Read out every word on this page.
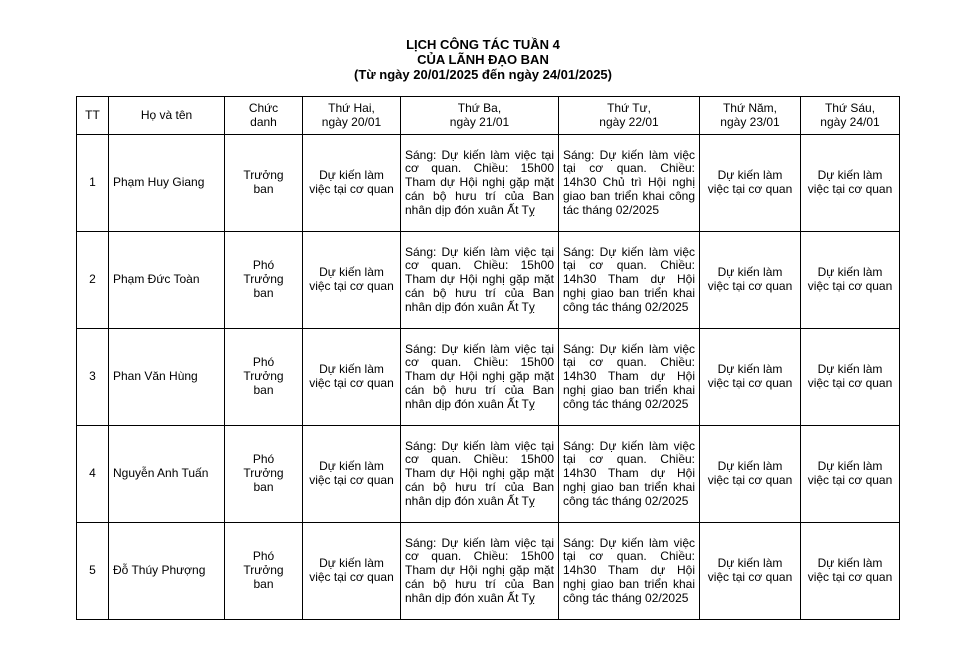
LỊCH CÔNG TÁC TUẦN 4
CỦA LÃNH ĐẠO BAN
(Từ ngày 20/01/2025 đến ngày 24/01/2025)
TT	Họ và tên	Chức
danh	Thứ Hai,
ngày 20/01	Thứ Ba,
ngày 21/01	Thứ Tư,
ngày 22/01	Thứ Năm,
ngày 23/01	Thứ Sáu,
ngày 24/01

1	Phạm Huy Giang	Trưởng
ban	Dự kiến làm
việc tại cơ quan	Sáng: Dự kiến làm việc tại cơ quan. Chiều: 15h00 Tham dự Hội nghị gặp mặt cán bộ hưu trí của Ban nhân dịp đón xuân Ất Tỵ	Sáng: Dự kiến làm việc tại cơ quan. Chiều: 14h30 Chủ trì Hội nghị giao ban triển khai công tác tháng 02/2025	Dự kiến làm
việc tại cơ quan	Dự kiến làm
việc tại cơ quan

2	Phạm Đức Toàn	Phó
Trưởng
ban	Dự kiến làm
việc tại cơ quan	Sáng: Dự kiến làm việc tại cơ quan. Chiều: 15h00 Tham dự Hội nghị gặp mặt cán bộ hưu trí của Ban nhân dịp đón xuân Ất Tỵ	Sáng: Dự kiến làm việc tại cơ quan. Chiều: 14h30 Tham dự Hội nghị giao ban triển khai công tác tháng 02/2025	Dự kiến làm
việc tại cơ quan	Dự kiến làm
việc tại cơ quan

3	Phan Văn Hùng	Phó
Trưởng
ban	Dự kiến làm
việc tại cơ quan	Sáng: Dự kiến làm việc tại cơ quan. Chiều: 15h00 Tham dự Hội nghị gặp mặt cán bộ hưu trí của Ban nhân dịp đón xuân Ất Tỵ	Sáng: Dự kiến làm việc tại cơ quan. Chiều: 14h30 Tham dự Hội nghị giao ban triển khai công tác tháng 02/2025	Dự kiến làm
việc tại cơ quan	Dự kiến làm
việc tại cơ quan

4	Nguyễn Anh Tuấn	Phó
Trưởng
ban	Dự kiến làm
việc tại cơ quan	Sáng: Dự kiến làm việc tại cơ quan. Chiều: 15h00 Tham dự Hội nghị gặp mặt cán bộ hưu trí của Ban nhân dịp đón xuân Ất Tỵ	Sáng: Dự kiến làm việc tại cơ quan. Chiều: 14h30 Tham dự Hội nghị giao ban triển khai công tác tháng 02/2025	Dự kiến làm
việc tại cơ quan	Dự kiến làm
việc tại cơ quan

5	Đỗ Thúy Phượng	Phó
Trưởng
ban	Dự kiến làm
việc tại cơ quan	Sáng: Dự kiến làm việc tại cơ quan. Chiều: 15h00 Tham dự Hội nghị gặp mặt cán bộ hưu trí của Ban nhân dịp đón xuân Ất Tỵ	Sáng: Dự kiến làm việc tại cơ quan. Chiều: 14h30 Tham dự Hội nghị giao ban triển khai công tác tháng 02/2025	Dự kiến làm
việc tại cơ quan	Dự kiến làm
việc tại cơ quan
